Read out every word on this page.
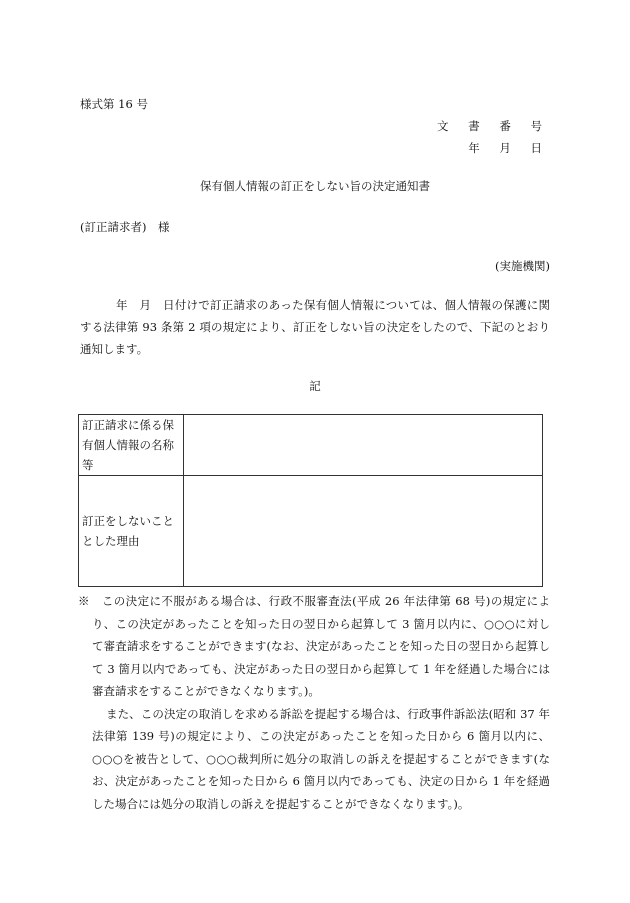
様式第 16 号
文 書 番 号
年 月 日
保有個人情報の訂正をしない旨の決定通知書
(訂正請求者)　様
(実施機関)
年　月　日付けで訂正請求のあった保有個人情報については、個人情報の保護に関する法律第 93 条第 2 項の規定により、訂正をしない旨の決定をしたので、下記のとおり通知します。
記
訂正請求に係る保有個人情報の名称等	
訂正をしないこととした理由	

※　この決定に不服がある場合は、行政不服審査法(平成 26 年法律第 68 号)の規定により、この決定があったことを知った日の翌日から起算して 3 箇月以内に、○○○に対して審査請求をすることができます(なお、決定があったことを知った日の翌日から起算して 3 箇月以内であっても、決定があった日の翌日から起算して 1 年を経過した場合には審査請求をすることができなくなります。)。

また、この決定の取消しを求める訴訟を提起する場合は、行政事件訴訟法(昭和 37 年法律第 139 号)の規定により、この決定があったことを知った日から 6 箇月以内に、○○○を被告として、○○○裁判所に処分の取消しの訴えを提起することができます(なお、決定があったことを知った日から 6 箇月以内であっても、決定の日から 1 年を経過した場合には処分の取消しの訴えを提起することができなくなります。)。
